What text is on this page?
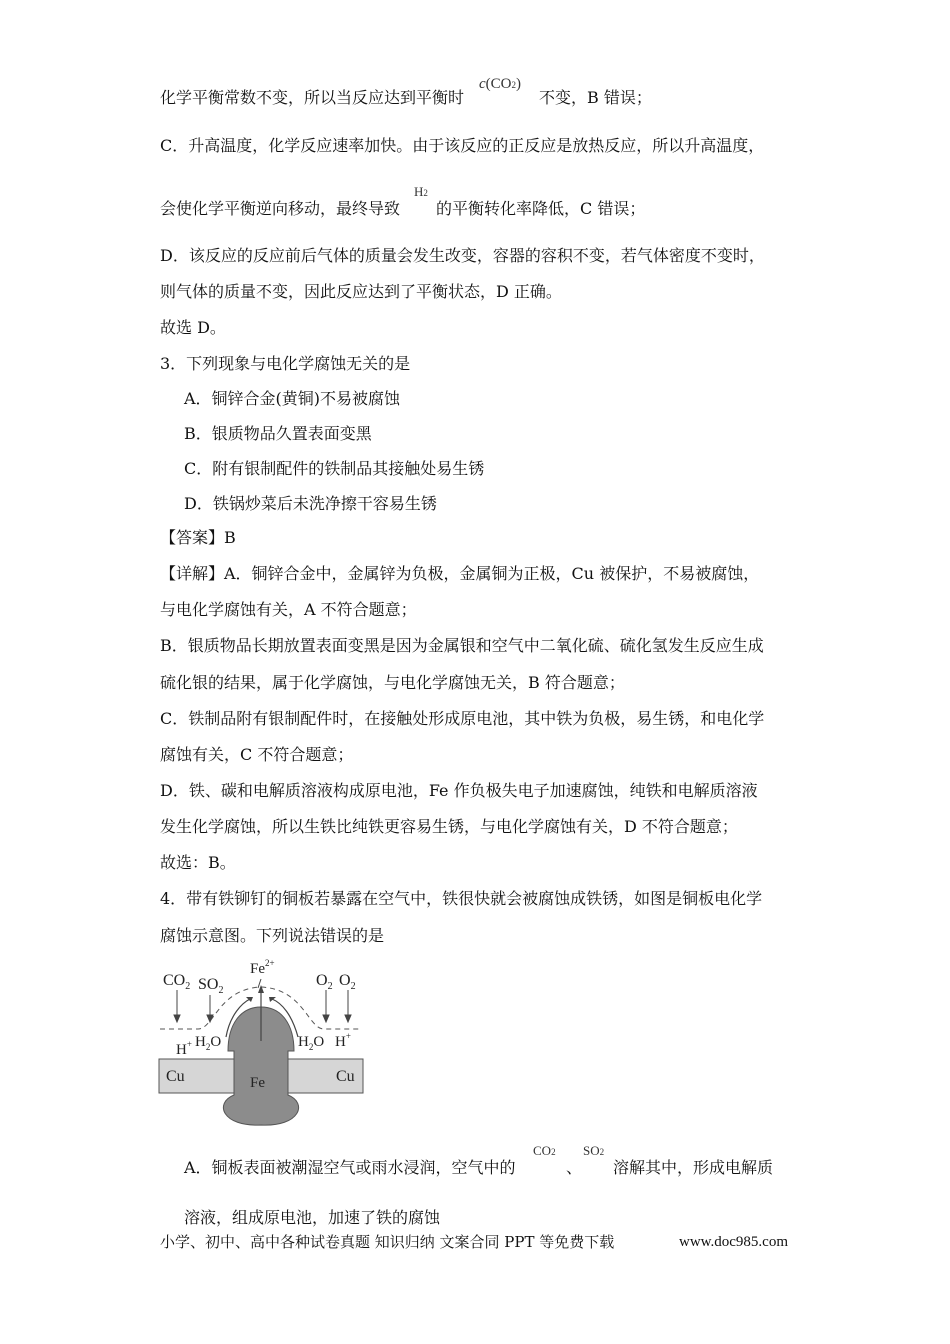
化学平衡常数不变，所以当反应达到平衡时
c(CO2)
不变，B 错误；
C．升高温度，化学反应速率加快。由于该反应的正反应是放热反应，所以升高温度，
会使化学平衡逆向移动，最终导致
H2
的平衡转化率降低，C 错误；
D．该反应的反应前后气体的质量会发生改变，容器的容积不变，若气体密度不变时，
则气体的质量不变，因此反应达到了平衡状态，D 正确。
故选 D。
3．下列现象与电化学腐蚀无关的是
A．铜锌合金(黄铜)不易被腐蚀
B．银质物品久置表面变黑
C．附有银制配件的铁制品其接触处易生锈
D．铁锅炒菜后未洗净擦干容易生锈
【答案】B
【详解】A．铜锌合金中，金属锌为负极，金属铜为正极，Cu 被保护，不易被腐蚀，
与电化学腐蚀有关，A 不符合题意；
B．银质物品长期放置表面变黑是因为金属银和空气中二氧化硫、硫化氢发生反应生成
硫化银的结果，属于化学腐蚀，与电化学腐蚀无关，B 符合题意；
C．铁制品附有银制配件时，在接触处形成原电池，其中铁为负极，易生锈，和电化学
腐蚀有关，C 不符合题意；
D．铁、碳和电解质溶液构成原电池，Fe 作负极失电子加速腐蚀，纯铁和电解质溶液
发生化学腐蚀，所以生铁比纯铁更容易生锈，与电化学腐蚀有关，D 不符合题意；
故选：B。
4．带有铁铆钉的铜板若暴露在空气中，铁很快就会被腐蚀成铁锈，如图是铜板电化学
腐蚀示意图。下列说法错误的是
$CO_2$ $SO_2$
$O_2$ $O_2$
$Fe^{2+}$
$H_2O$	$H_2O$
H+	H+
Cu	Cu
Fe
A．铜板表面被潮湿空气或雨水浸润，空气中的
CO2
、
SO2
溶解其中，形成电解质
溶液，组成原电池，加速了铁的腐蚀
小学、初中、高中各种试卷真题 知识归纳 文案合同 PPT 等免费下载	www.doc985.com
